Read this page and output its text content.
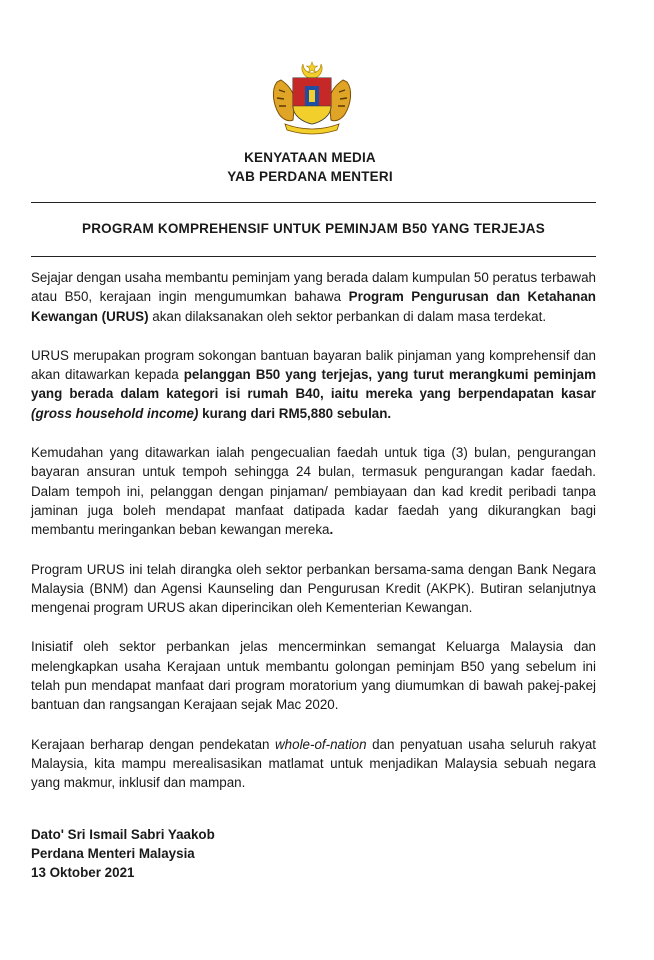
KENYATAAN MEDIA
YAB PERDANA MENTERI
PROGRAM KOMPREHENSIF UNTUK PEMINJAM B50 YANG TERJEJAS

Sejajar dengan usaha membantu peminjam yang berada dalam kumpulan 50 peratus terbawah atau B50, kerajaan ingin mengumumkan bahawa Program Pengurusan dan Ketahanan Kewangan (URUS) akan dilaksanakan oleh sektor perbankan di dalam masa terdekat.

URUS merupakan program sokongan bantuan bayaran balik pinjaman yang komprehensif dan akan ditawarkan kepada pelanggan B50 yang terjejas, yang turut merangkumi peminjam yang berada dalam kategori isi rumah B40, iaitu mereka yang berpendapatan kasar (gross household income) kurang dari RM5,880 sebulan.

Kemudahan yang ditawarkan ialah pengecualian faedah untuk tiga (3) bulan, pengurangan bayaran ansuran untuk tempoh sehingga 24 bulan, termasuk pengurangan kadar faedah. Dalam tempoh ini, pelanggan dengan pinjaman/ pembiayaan dan kad kredit peribadi tanpa jaminan juga boleh mendapat manfaat datipada kadar faedah yang dikurangkan bagi membantu meringankan beban kewangan mereka.

Program URUS ini telah dirangka oleh sektor perbankan bersama-sama dengan Bank Negara Malaysia (BNM) dan Agensi Kaunseling dan Pengurusan Kredit (AKPK). Butiran selanjutnya mengenai program URUS akan diperincikan oleh Kementerian Kewangan.

Inisiatif oleh sektor perbankan jelas mencerminkan semangat Keluarga Malaysia dan melengkapkan usaha Kerajaan untuk membantu golongan peminjam B50 yang sebelum ini telah pun mendapat manfaat dari program moratorium yang diumumkan di bawah pakej-pakej bantuan dan rangsangan Kerajaan sejak Mac 2020.

Kerajaan berharap dengan pendekatan whole-of-nation dan penyatuan usaha seluruh rakyat Malaysia, kita mampu merealisasikan matlamat untuk menjadikan Malaysia sebuah negara yang makmur, inklusif dan mampan.

Dato' Sri Ismail Sabri Yaakob
Perdana Menteri Malaysia
13 Oktober 2021
